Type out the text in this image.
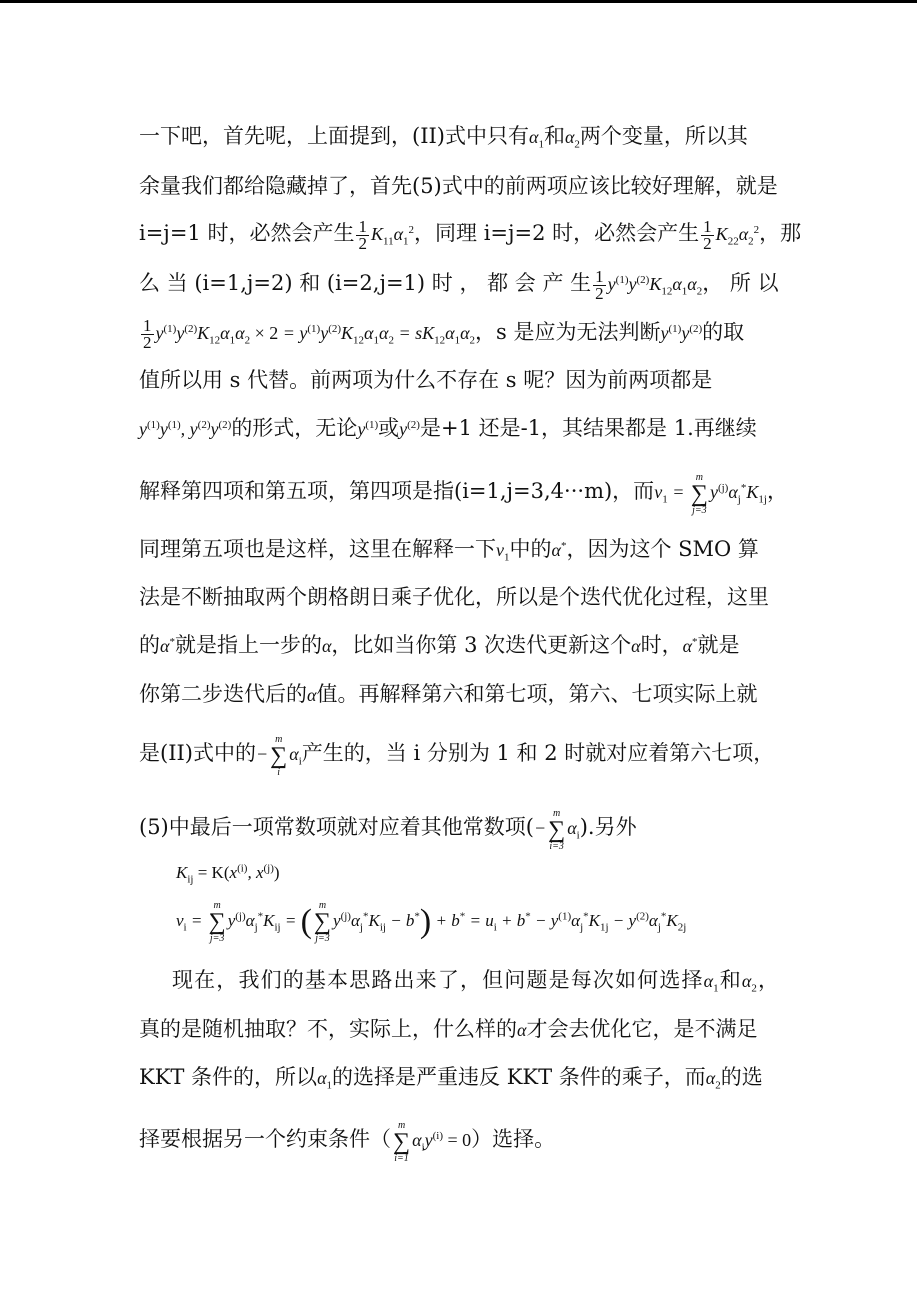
一下吧，首先呢，上面提到，(II)式中只有$\alpha_1$和$\alpha_2$两个变量，所以其
余量我们都给隐藏掉了，首先(5)式中的前两项应该比较好理解，就是
i=j=1 时，必然会产生 $\frac{1}{2} K_{11}\alpha_1^2$，同理 i=j=2 时，必然会产生 $\frac{1}{2} K_{22}\alpha_2^2$，那
么 当 (i=1,j=2) 和 (i=2,j=1) 时 ， 都 会 产 生 $\frac{1}{2} y^{(1)}y^{(2)}K_{12}\alpha_1\alpha_2$， 所 以
$\frac{1}{2} y^{(1)}y^{(2)}K_{12}\alpha_1\alpha_2 \times 2 = y^{(1)}y^{(2)}K_{12}\alpha_1\alpha_2 = sK_{12}\alpha_1\alpha_2$，s 是应为无法判断$y^{(1)}y^{(2)}$的取
值所以用 s 代替。前两项为什么不存在 s 呢？因为前两项都是
$y^{(1)}y^{(1)}$, $y^{(2)}y^{(2)}$的形式，无论$y^{(1)}$或$y^{(2)}$是+1 还是-1，其结果都是 1.再继续
解释第四项和第五项，第四项是指(i=1,j=3,4···m)，而$v_1 = m$
∑
$j=3y^{(j)}\alpha_j^*K_{1j}$，
同理第五项也是这样，这里在解释一下$v_1$中的α*，因为这个 SMO 算
法是不断抽取两个朗格朗日乘子优化，所以是个迭代优化过程，这里
的α*就是指上一步的α，比如当你第 3 次迭代更新这个α时，α*就是
你第二步迭代后的α值。再解释第六和第七项，第六、七项实际上就
是(II)式中的−m
∑
$i\alpha_i$产生的，当 i 分别为 1 和 2 时就对应着第六七项，
(5)中最后一项常数项就对应着其他常数项(−m
∑
$i=3\alpha_i$).另外
$K_{ij} = K(x^{(i)}$, $x^{(j)}$)
$v_i = m$
∑
$j=3y^{(j)}\alpha_j^*K_{ij}$ = ( m
∑
$j=3y^{(j)}\alpha_j^*K_{ij} - b^*) + b^* = u_i + b^* - y^{(1)}\alpha_j^*K_{1j} - y^{(2)}\alpha_j^*K_{2j}$
现在，我们的基本思路出来了，但问题是每次如何选择$\alpha_1$和$\alpha_2$，
真的是随机抽取？不，实际上，什么样的α才会去优化它，是不满足
KKT 条件的，所以$\alpha_1$的选择是严重违反 KKT 条件的乘子，而$\alpha_2$的选
择要根据另一个约束条件（m
∑
$i=1\alpha_iy^{(i)} = 0$）选择。
